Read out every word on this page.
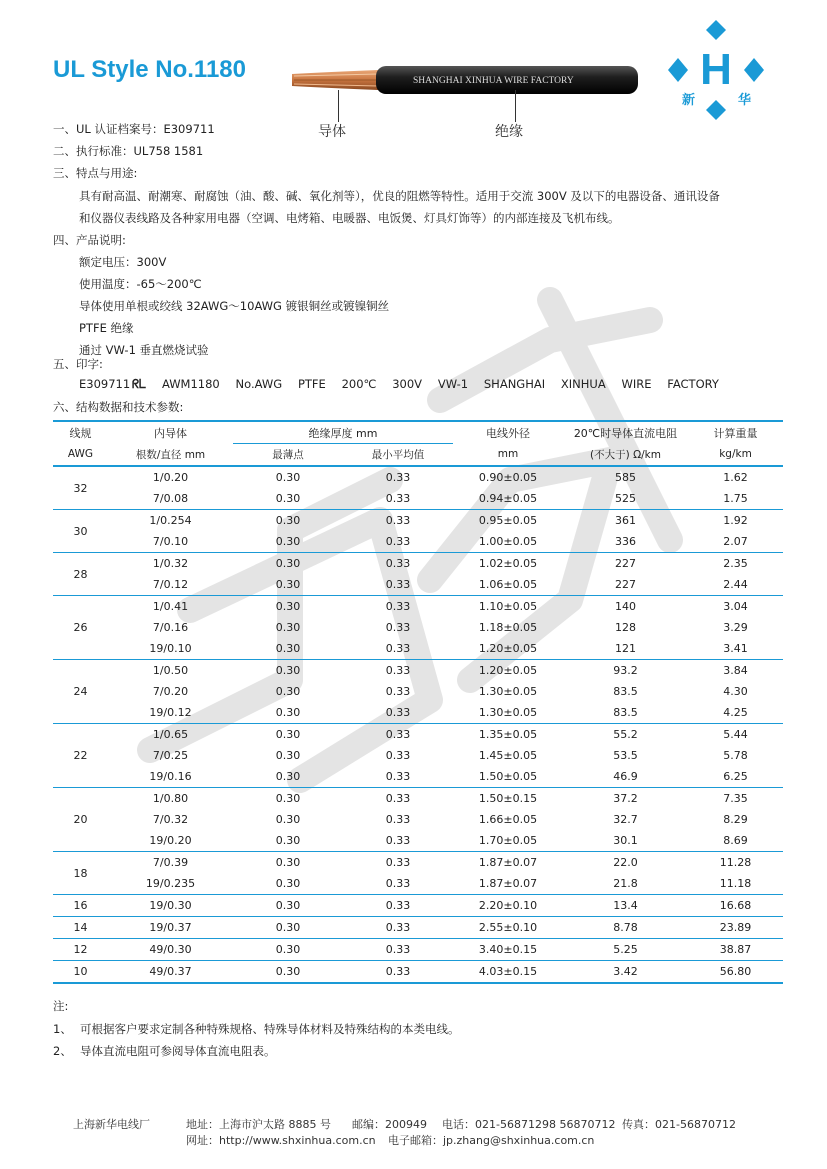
UL Style No.1180	SHANGHAI XINHUA WIRE FACTORY
导体	绝缘
H
新	华
一、UL 认证档案号：E309711
二、执行标准：UL758 1581
三、特点与用途:
具有耐高温、耐潮寒、耐腐蚀（油、酸、碱、氧化剂等），优良的阻燃等特性。适用于交流 300V 及以下的电器设备、通讯设备
和仪器仪表线路及各种家用电器（空调、电烤箱、电暖器、电饭煲、灯具灯饰等）的内部连接及飞机布线。
四、产品说明:
额定电压：300V
使用温度：-65～200℃
导体使用单根或绞线 32AWG～10AWG 镀银铜丝或镀镍铜丝
PTFE 绝缘
通过 VW-1 垂直燃烧试验
五、印字:
E309711 ᖇᒪ AWM1180 No.AWG PTFE 200℃ 300V VW-1 SHANGHAI XINHUA WIRE FACTORY
六、结构数据和技术参数:
线规	内导体	绝缘厚度 mm		电线外径	20℃时导体直流电阻	计算重量
AWG	根数/直径 mm	最薄点	最小平均值	mm	(不大于) Ω/km	kg/km
32	1/0.20	0.30	0.33	0.90±0.05	585	1.62
	7/0.08	0.30	0.33	0.94±0.05	525	1.75
30	1/0.254	0.30	0.33	0.95±0.05	361	1.92
	7/0.10	0.30	0.33	1.00±0.05	336	2.07
28	1/0.32	0.30	0.33	1.02±0.05	227	2.35
	7/0.12	0.30	0.33	1.06±0.05	227	2.44
26	1/0.41	0.30	0.33	1.10±0.05	140	3.04
	7/0.16	0.30	0.33	1.18±0.05	128	3.29
	19/0.10	0.30	0.33	1.20±0.05	121	3.41
24	1/0.50	0.30	0.33	1.20±0.05	93.2	3.84
	7/0.20	0.30	0.33	1.30±0.05	83.5	4.30
	19/0.12	0.30	0.33	1.30±0.05	83.5	4.25
22	1/0.65	0.30	0.33	1.35±0.05	55.2	5.44
	7/0.25	0.30	0.33	1.45±0.05	53.5	5.78
	19/0.16	0.30	0.33	1.50±0.05	46.9	6.25
20	1/0.80	0.30	0.33	1.50±0.15	37.2	7.35
	7/0.32	0.30	0.33	1.66±0.05	32.7	8.29
	19/0.20	0.30	0.33	1.70±0.05	30.1	8.69
18	7/0.39	0.30	0.33	1.87±0.07	22.0	11.28
	19/0.235	0.30	0.33	1.87±0.07	21.8	11.18
16	19/0.30	0.30	0.33	2.20±0.10	13.4	16.68
14	19/0.37	0.30	0.33	2.55±0.10	8.78	23.89
12	49/0.30	0.30	0.33	3.40±0.15	5.25	38.87
10	49/0.37	0.30	0.33	4.03±0.15	3.42	56.80
注:
1、 可根据客户要求定制各种特殊规格、特殊导体材料及特殊结构的本类电线。
2、 导体直流电阻可参阅导体直流电阻表。
上海新华电线厂	地址：上海市沪太路 8885 号 邮编：200949 电话：021-56871298 56870712 传真：021-56870712
网址：http://www.shxinhua.com.cn 电子邮箱：jp.zhang@shxinhua.com.cn
